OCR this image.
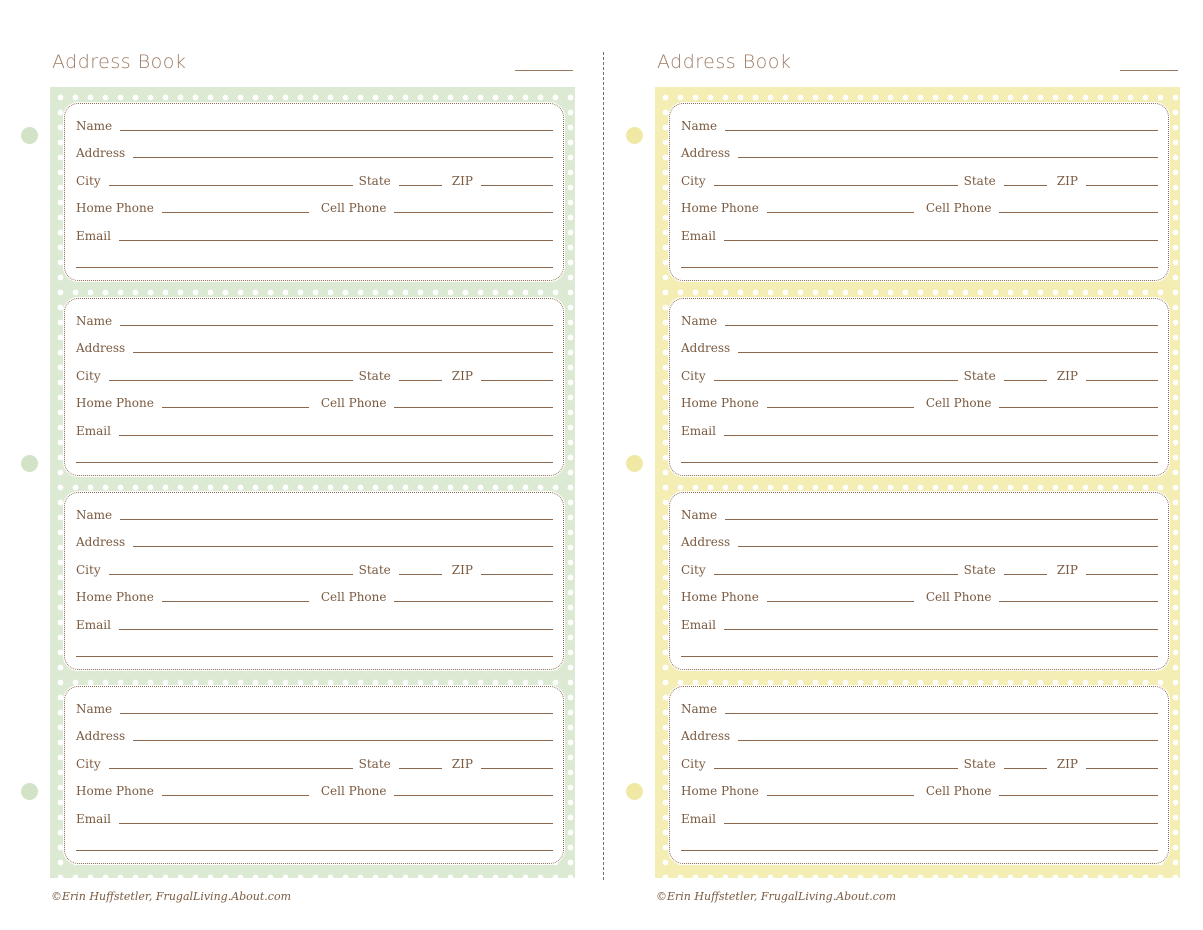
Address Book
Name
Address
City	State	ZIP
Home Phone	Cell Phone
Email
Name
Address
City	State	ZIP
Home Phone	Cell Phone
Email
Name
Address
City	State	ZIP
Home Phone	Cell Phone
Email
Name
Address
City	State	ZIP
Home Phone	Cell Phone
Email
©Erin Huffstetler, FrugalLiving.About.com
Address Book
Name
Address
City	State	ZIP
Home Phone	Cell Phone
Email
Name
Address
City	State	ZIP
Home Phone	Cell Phone
Email
Name
Address
City	State	ZIP
Home Phone	Cell Phone
Email
Name
Address
City	State	ZIP
Home Phone	Cell Phone
Email
©Erin Huffstetler, FrugalLiving.About.com
